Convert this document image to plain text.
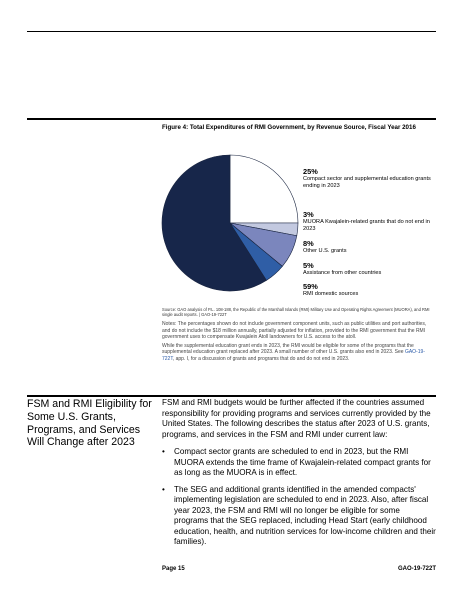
Figure 4: Total Expenditures of RMI Government, by Revenue Source, Fiscal Year 2016
25%
Compact sector and supplemental education grants ending in 2023
3%
MUORA Kwajalein-related grants that do not end in 2023
8%
Other U.S. grants
5%
Assistance from other countries
59%
RMI domestic sources
Source: GAO analysis of P.L. 108-188, the Republic of the Marshall Islands (RMI) Military Use and Operating Rights Agreement (MUORA), and RMI single audit reports. | GAO-19-722T

Notes: The percentages shown do not include government component units, such as public utilities and port authorities, and do not include the $18 million annually, partially adjusted for inflation, provided to the RMI government that the RMI government uses to compensate Kwajalein Atoll landowners for U.S. access to the atoll.

While the supplemental education grant ends in 2023, the RMI would be eligible for some of the programs that the supplemental education grant replaced after 2023. A small number of other U.S. grants also end in 2023. See GAO-19-722T, app. I, for a discussion of grants and programs that do and do not end in 2023.

FSM and RMI Eligibility for Some U.S. Grants, Programs, and Services Will Change after 2023

FSM and RMI budgets would be further affected if the countries assumed responsibility for providing programs and services currently provided by the United States. The following describes the status after 2023 of U.S. grants, programs, and services in the FSM and RMI under current law:

• Compact sector grants are scheduled to end in 2023, but the RMI MUORA extends the time frame of Kwajalein-related compact grants for as long as the MUORA is in effect.
• The SEG and additional grants identified in the amended compacts' implementing legislation are scheduled to end in 2023. Also, after fiscal year 2023, the FSM and RMI will no longer be eligible for some programs that the SEG replaced, including Head Start (early childhood education, health, and nutrition services for low-income children and their families).
Page 15	GAO-19-722T
